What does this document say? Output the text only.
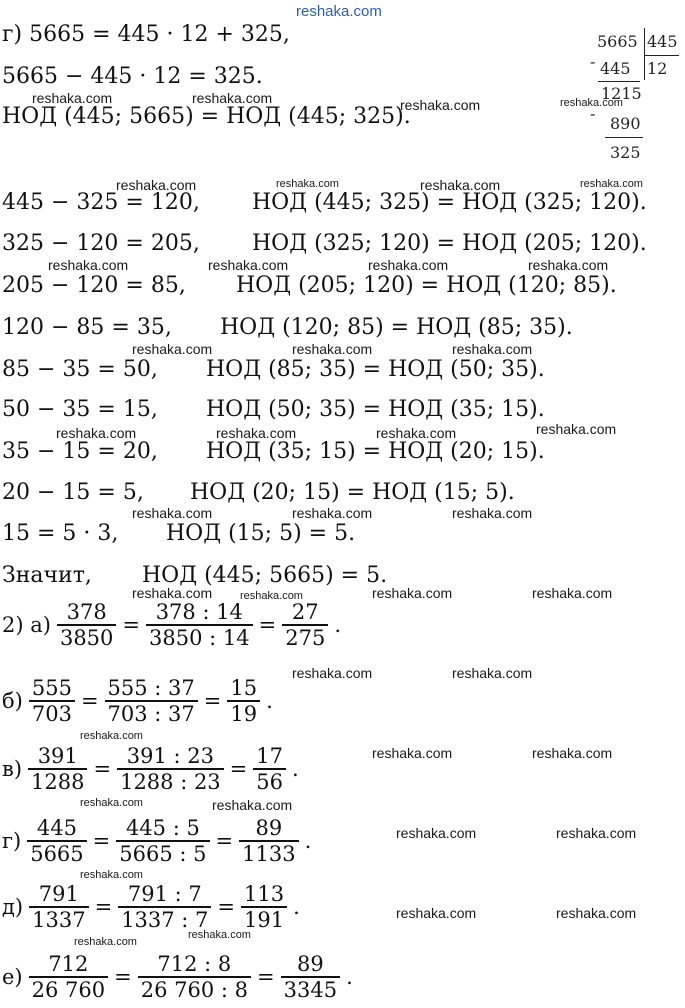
reshaka.com
г) 5665 = 445 · 12 + 325,
5665 − 445 · 12 = 325.
НОД (445; 5665) = НОД (445; 325).
5665 445
12
- 445
1215
-
890
325
445 − 325 = 120, НОД (445; 325) = НОД (325; 120).
325 − 120 = 205, НОД (325; 120) = НОД (205; 120).
205 − 120 = 85, НОД (205; 120) = НОД (120; 85).
120 − 85 = 35, НОД (120; 85) = НОД (85; 35).
85 − 35 = 50, НОД (85; 35) = НОД (50; 35).
50 − 35 = 15, НОД (50; 35) = НОД (35; 15).
35 − 15 = 20, НОД (35; 15) = НОД (20; 15).
20 − 15 = 5, НОД (20; 15) = НОД (15; 5).
15 = 5 · 3, НОД (15; 5) = 5.
Значит, НОД (445; 5665) = 5.
2) $а) \frac{378}{3850} = \frac{378 : 14}{3850 : 14} = \frac{27}{275}$ .
$б) \frac{555}{703} = \frac{555 : 37}{703 : 37} = \frac{15}{19}$ .
$в) \frac{391}{1288} = \frac{391 : 23}{1288 : 23} = \frac{17}{56}$ .
$г) \frac{445}{5665} = \frac{445 : 5}{5665 : 5} = \frac{89}{1133}$ .
$д) \frac{791}{1337} = \frac{791 : 7}{1337 : 7} = \frac{113}{191}$ .
$е) \frac{712}{26 760} = \frac{712 : 8}{26 760 : 8} = \frac{89}{3345}$ .
reshaka.com	reshaka.com	reshaka.com	reshaka.com
reshaka.com	reshaka.com	reshaka.com	reshaka.com
reshaka.com	reshaka.com	reshaka.com	reshaka.com
reshaka.com	reshaka.com	reshaka.com
reshaka.com	reshaka.com	reshaka.com	reshaka.com
reshaka.com	reshaka.com	reshaka.com
reshaka.com	reshaka.com	reshaka.com	reshaka.com
reshaka.com	reshaka.com
reshaka.com
reshaka.com	reshaka.com
reshaka.com	reshaka.com
reshaka.com	reshaka.com
reshaka.com
reshaka.com	reshaka.com
reshaka.com
reshaka.com
